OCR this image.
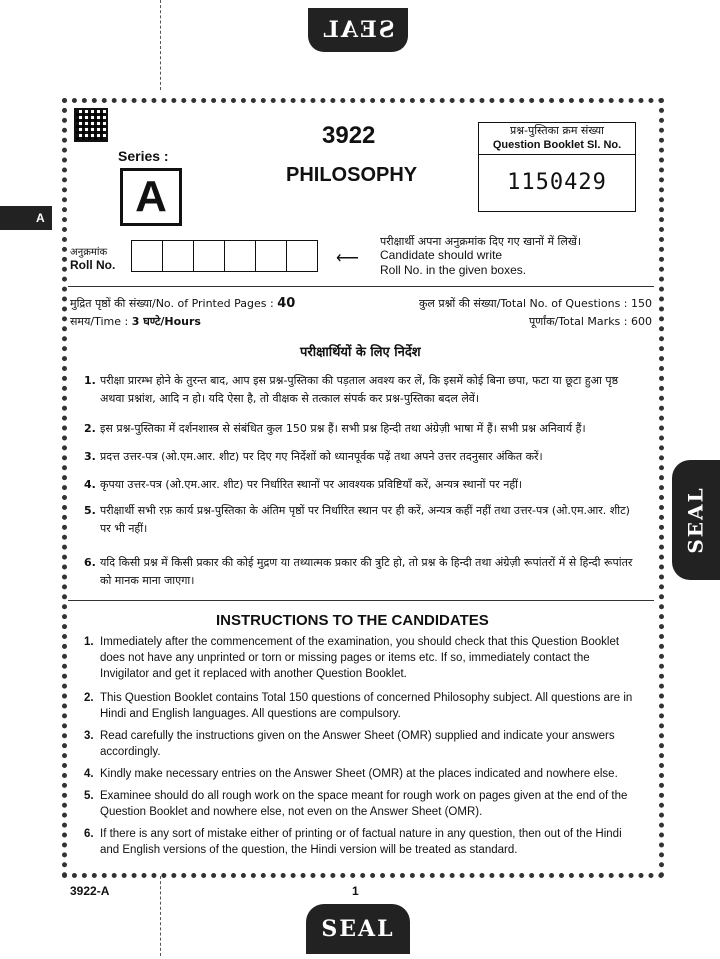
SEAL
SEAL
SEAL
A
Series :
A
3922
PHILOSOPHY
प्रश्न-पुस्तिका क्रम संख्या
Question Booklet Sl. No.
1150429
अनुक्रमांक
Roll No.	⟵
परीक्षार्थी अपना अनुक्रमांक दिए गए खानों में लिखें।
Candidate should write
Roll No. in the given boxes.
मुद्रित पृष्ठों की संख्या/No. of Printed Pages : 40
समय/Time : 3 घण्टे/Hours
कुल प्रश्नों की संख्या/Total No. of Questions : 150
पूर्णांक/Total Marks : 600
परीक्षार्थियों के लिए निर्देश
1. परीक्षा प्रारम्भ होने के तुरन्त बाद, आप इस प्रश्न-पुस्तिका की पड़ताल अवश्य कर लें, कि इसमें कोई बिना छपा, फटा या छूटा हुआ पृष्ठ अथवा प्रश्नांश, आदि न हो। यदि ऐसा है, तो वीक्षक से तत्काल संपर्क कर प्रश्न-पुस्तिका बदल लेवें।
2. इस प्रश्न-पुस्तिका में दर्शनशास्त्र से संबंधित कुल 150 प्रश्न हैं। सभी प्रश्न हिन्दी तथा अंग्रेज़ी भाषा में हैं। सभी प्रश्न अनिवार्य हैं।
3. प्रदत्त उत्तर-पत्र (ओ.एम.आर. शीट) पर दिए गए निर्देशों को ध्यानपूर्वक पढ़ें तथा अपने उत्तर तदनुसार अंकित करें।
4. कृपया उत्तर-पत्र (ओ.एम.आर. शीट) पर निर्धारित स्थानों पर आवश्यक प्रविष्टियाँ करें, अन्यत्र स्थानों पर नहीं।
5. परीक्षार्थी सभी रफ़ कार्य प्रश्न-पुस्तिका के अंतिम पृष्ठों पर निर्धारित स्थान पर ही करें, अन्यत्र कहीं नहीं तथा उत्तर-पत्र (ओ.एम.आर. शीट) पर भी नहीं।
6. यदि किसी प्रश्न में किसी प्रकार की कोई मुद्रण या तथ्यात्मक प्रकार की त्रुटि हो, तो प्रश्न के हिन्दी तथा अंग्रेज़ी रूपांतरों में से हिन्दी रूपांतर को मानक माना जाएगा।
INSTRUCTIONS TO THE CANDIDATES
1. Immediately after the commencement of the examination, you should check that this Question Booklet does not have any unprinted or torn or missing pages or items etc. If so, immediately contact the Invigilator and get it replaced with another Question Booklet.
2. This Question Booklet contains Total 150 questions of concerned Philosophy subject. All questions are in Hindi and English languages. All questions are compulsory.
3. Read carefully the instructions given on the Answer Sheet (OMR) supplied and indicate your answers accordingly.
4. Kindly make necessary entries on the Answer Sheet (OMR) at the places indicated and nowhere else.
5. Examinee should do all rough work on the space meant for rough work on pages given at the end of the Question Booklet and nowhere else, not even on the Answer Sheet (OMR).
6. If there is any sort of mistake either of printing or of factual nature in any question, then out of the Hindi and English versions of the question, the Hindi version will be treated as standard.
3922-A	1
